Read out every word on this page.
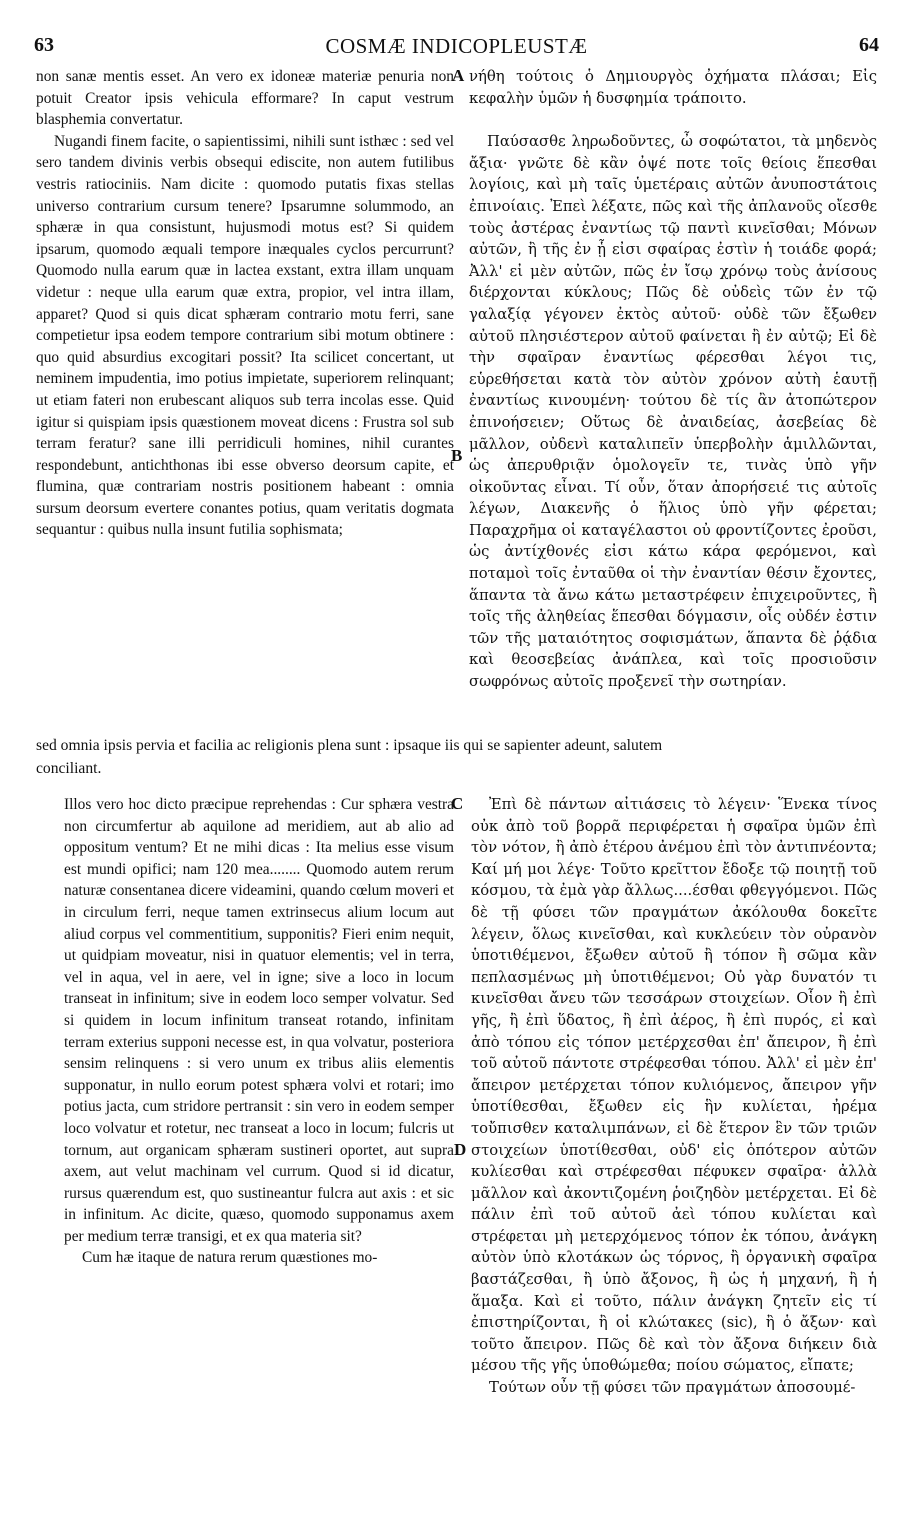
63	COSMÆ INDICOPLEUSTÆ	64
A
B
C
D

non sanæ mentis esset. An vero ex idoneæ materiæ penuria non potuit Creator ipsis vehicula efformare? In caput vestrum blasphemia convertatur.

Nugandi finem facite, o sapientissimi, nihili sunt isthæc : sed vel sero tandem divinis verbis obsequi ediscite, non autem futilibus vestris ratiociniis. Nam dicite : quomodo putatis fixas stellas universo contrarium cursum tenere? Ipsarumne solummodo, an sphæræ in qua consistunt, hujusmodi motus est? Si quidem ipsarum, quomodo æquali tempore inæquales cyclos percurrunt? Quomodo nulla earum quæ in lactea exstant, extra illam unquam videtur : neque ulla earum quæ extra, propior, vel intra illam, apparet? Quod si quis dicat sphæram contrario motu ferri, sane competietur ipsa eodem tempore contrarium sibi motum obtinere : quo quid absurdius excogitari possit? Ita scilicet concertant, ut neminem impudentia, imo potius impietate, superiorem relinquant; ut etiam fateri non erubescant aliquos sub terra incolas esse. Quid igitur si quispiam ipsis quæstionem moveat dicens : Frustra sol sub terram feratur? sane illi perridiculi homines, nihil curantes respondebunt, antichthonas ibi esse obverso deorsum capite, et flumina, quæ contrariam nostris positionem habeant : omnia sursum deorsum evertere conantes potius, quam veritatis dogmata sequantur : quibus nulla insunt futilia sophismata;

νήθη τούτοις ὁ Δημιουργὸς ὀχήματα πλάσαι; Εἰς κεφαλὴν ὑμῶν ἡ δυσφημία τράποιτο.

Παύσασθε ληρωδοῦντες, ὦ σοφώτατοι, τὰ μηδενὸς ἄξια· γνῶτε δὲ κἂν ὀψέ ποτε τοῖς θείοις ἕπεσθαι λογίοις, καὶ μὴ ταῖς ὑμετέραις αὐτῶν ἀνυποστάτοις ἐπινοίαις. Ἐπεὶ λέξατε, πῶς καὶ τῆς ἀπλανοῦς οἴεσθε τοὺς ἀστέρας ἐναντίως τῷ παντὶ κινεῖσθαι; Μόνων αὐτῶν, ἢ τῆς ἐν ᾗ εἰσι σφαίρας ἐστὶν ἡ τοιάδε φορά; Ἀλλ' εἰ μὲν αὐτῶν, πῶς ἐν ἴσῳ χρόνῳ τοὺς ἀνίσους διέρχονται κύκλους; Πῶς δὲ οὐδεὶς τῶν ἐν τῷ γαλαξίᾳ γέγονεν ἐκτὸς αὐτοῦ· οὐδὲ τῶν ἔξωθεν αὐτοῦ πλησιέστερον αὐτοῦ φαίνεται ἢ ἐν αὐτῷ; Εἰ δὲ τὴν σφαῖραν ἐναντίως φέρεσθαι λέγοι τις, εὑρεθήσεται κατὰ τὸν αὐτὸν χρόνον αὐτὴ ἑαυτῇ ἐναντίως κινουμένη· τούτου δὲ τίς ἂν ἀτοπώτερον ἐπινοήσειεν; Οὕτως δὲ ἀναιδείας, ἀσεβείας δὲ μᾶλλον, οὐδενὶ καταλιπεῖν ὑπερβολὴν ἁμιλλῶνται, ὡς ἀπερυθριᾷν ὁμολογεῖν τε, τινὰς ὑπὸ γῆν οἰκοῦντας εἶναι. Τί οὖν, ὅταν ἀπορήσειέ τις αὐτοῖς λέγων, Διακενῆς ὁ ἥλιος ὑπὸ γῆν φέρεται; Παραχρῆμα οἱ καταγέλαστοι οὐ φροντίζοντες ἐροῦσι, ὡς ἀντίχθονές εἰσι κάτω κάρα φερόμενοι, καὶ ποταμοὶ τοῖς ἐνταῦθα οἱ τὴν ἐναντίαν θέσιν ἔχοντες, ἅπαντα τὰ ἄνω κάτω μεταστρέφειν ἐπιχειροῦντες, ἢ τοῖς τῆς ἀληθείας ἕπεσθαι δόγμασιν, οἷς οὐδέν ἐστιν τῶν τῆς ματαιότητος σοφισμάτων, ἅπαντα δὲ ῥᾴδια καὶ θεοσεβείας ἀνάπλεα, καὶ τοῖς προσιοῦσιν σωφρόνως αὐτοῖς προξενεῖ τὴν σωτηρίαν.

sed omnia ipsis pervia et facilia ac religionis plena sunt : ipsaque iis qui se sapienter adeunt, salutem
conciliant.

Illos vero hoc dicto præcipue reprehendas : Cur sphæra vestra non circumfertur ab aquilone ad meridiem, aut ab alio ad oppositum ventum? Et ne mihi dicas : Ita melius esse visum est mundi opifici; nam 120 mea........ Quomodo autem rerum naturæ consentanea dicere videamini, quando cœlum moveri et in circulum ferri, neque tamen extrinsecus alium locum aut aliud corpus vel commentitium, supponitis? Fieri enim nequit, ut quidpiam moveatur, nisi in quatuor elementis; vel in terra, vel in aqua, vel in aere, vel in igne; sive a loco in locum transeat in infinitum; sive in eodem loco semper volvatur. Sed si quidem in locum infinitum transeat rotando, infinitam terram exterius supponi necesse est, in qua volvatur, posteriora sensim relinquens : si vero unum ex tribus aliis elementis supponatur, in nullo eorum potest sphæra volvi et rotari; imo potius jacta, cum stridore pertransit : sin vero in eodem semper loco volvatur et rotetur, nec transeat a loco in locum; fulcris ut tornum, aut organicam sphæram sustineri oportet, aut supra axem, aut velut machinam vel currum. Quod si id dicatur, rursus quærendum est, quo sustineantur fulcra aut axis : et sic in infinitum. Ac dicite, quæso, quomodo supponamus axem per medium terræ transigi, et ex qua materia sit?

Cum hæ itaque de natura rerum quæstiones mo-

Ἐπὶ δὲ πάντων αἰτιάσεις τὸ λέγειν· Ἕνεκα τίνος οὐκ ἀπὸ τοῦ βορρᾶ περιφέρεται ἡ σφαῖρα ὑμῶν ἐπὶ τὸν νότον, ἢ ἀπὸ ἑτέρου ἀνέμου ἐπὶ τὸν ἀντιπνέοντα; Καί μή μοι λέγε· Τοῦτο κρεῖττον ἔδοξε τῷ ποιητῇ τοῦ κόσμου, τὰ ἐμὰ γὰρ ἄλλως....έσθαι φθεγγόμενοι. Πῶς δὲ τῇ φύσει τῶν πραγμάτων ἀκόλουθα δοκεῖτε λέγειν, ὅλως κινεῖσθαι, καὶ κυκλεύειν τὸν οὐρανὸν ὑποτιθέμενοι, ἔξωθεν αὐτοῦ ἢ τόπον ἢ σῶμα κἂν πεπλασμένως μὴ ὑποτιθέμενοι; Οὐ γὰρ δυνατόν τι κινεῖσθαι ἄνευ τῶν τεσσάρων στοιχείων. Οἷον ἢ ἐπὶ γῆς, ἢ ἐπὶ ὕδατος, ἢ ἐπὶ ἀέρος, ἢ ἐπὶ πυρός, εἰ καὶ ἀπὸ τόπου εἰς τόπον μετέρχεσθαι ἐπ' ἄπειρον, ἢ ἐπὶ τοῦ αὐτοῦ πάντοτε στρέφεσθαι τόπου. Ἀλλ' εἰ μὲν ἐπ' ἄπειρον μετέρχεται τόπον κυλιόμενος, ἄπειρον γῆν ὑποτίθεσθαι, ἔξωθεν εἰς ἣν κυλίεται, ἠρέμα τοὔπισθεν καταλιμπάνων, εἰ δὲ ἕτερον ἓν τῶν τριῶν στοιχείων ὑποτίθεσθαι, οὐδ' εἰς ὁπότερον αὐτῶν κυλίεσθαι καὶ στρέφεσθαι πέφυκεν σφαῖρα· ἀλλὰ μᾶλλον καὶ ἀκοντιζομένη ῥοιζηδὸν μετέρχεται. Εἰ δὲ πάλιν ἐπὶ τοῦ αὐτοῦ ἀεὶ τόπου κυλίεται καὶ στρέφεται μὴ μετερχόμενος τόπον ἐκ τόπου, ἀνάγκη αὐτὸν ὑπὸ κλοτάκων ὡς τόρνος, ἢ ὀργανικὴ σφαῖρα βαστάζεσθαι, ἢ ὑπὸ ἄξονος, ἢ ὡς ἡ μηχανή, ἢ ἡ ἅμαξα. Καὶ εἰ τοῦτο, πάλιν ἀνάγκη ζητεῖν εἰς τί ἐπιστηρίζονται, ἢ οἱ κλώτακες (sic), ἢ ὁ ἄξων· καὶ τοῦτο ἄπειρον. Πῶς δὲ καὶ τὸν ἄξονα διήκειν διὰ μέσου τῆς γῆς ὑποθώμεθα; ποίου σώματος, εἴπατε;

Τούτων οὖν τῇ φύσει τῶν πραγμάτων ἀποσουμέ-
